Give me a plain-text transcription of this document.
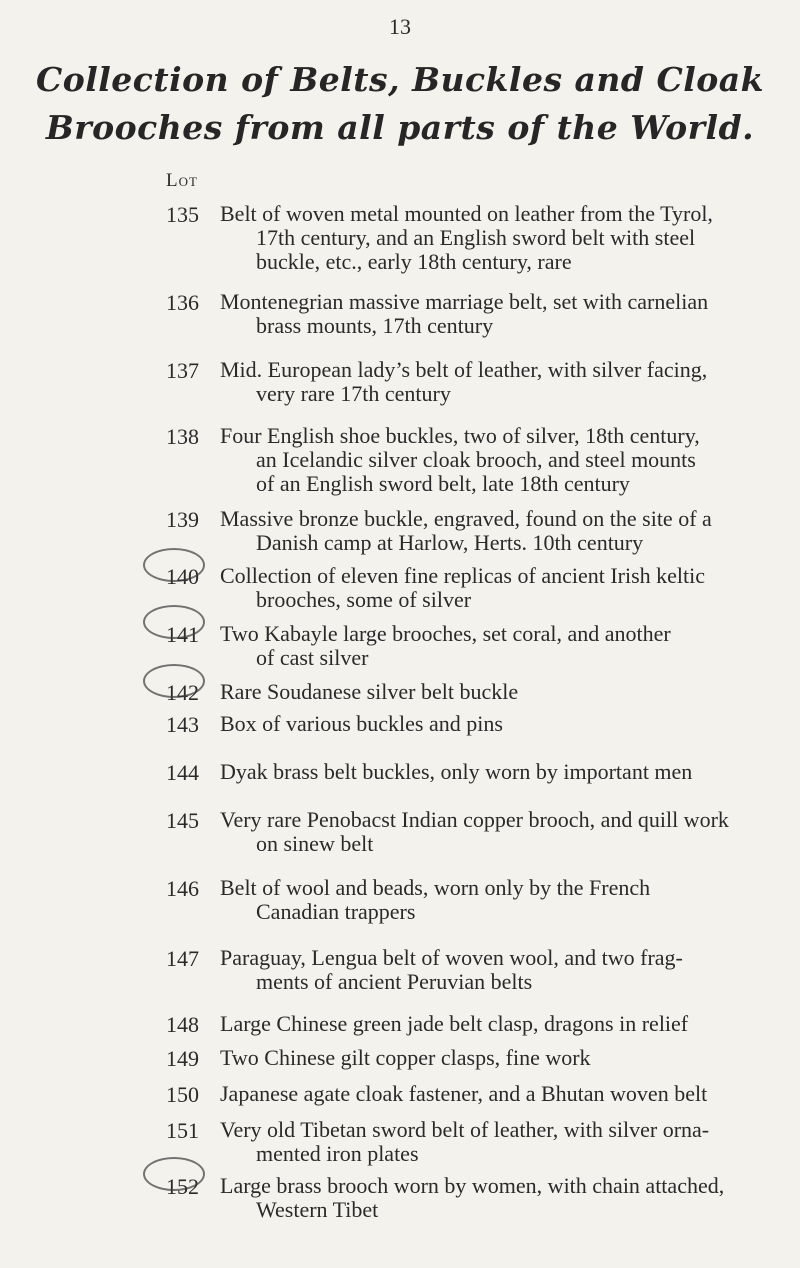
13
Collection of Belts, Buckles and Cloak
Brooches from all parts of the World.
Lot
135 Belt of woven metal mounted on leather from the Tyrol,
17th century, and an English sword belt with steel
buckle, etc., early 18th century, rare
136 Montenegrian massive marriage belt, set with carnelian
brass mounts, 17th century
137 Mid. European lady’s belt of leather, with silver facing,
very rare 17th century
138 Four English shoe buckles, two of silver, 18th century,
an Icelandic silver cloak brooch, and steel mounts
of an English sword belt, late 18th century
139 Massive bronze buckle, engraved, found on the site of a
Danish camp at Harlow, Herts. 10th century
140 Collection of eleven fine replicas of ancient Irish keltic
brooches, some of silver
141 Two Kabayle large brooches, set coral, and another
of cast silver
142 Rare Soudanese silver belt buckle
143 Box of various buckles and pins
144 Dyak brass belt buckles, only worn by important men
145 Very rare Penobacst Indian copper brooch, and quill work
on sinew belt
146 Belt of wool and beads, worn only by the French
Canadian trappers
147 Paraguay, Lengua belt of woven wool, and two frag-
ments of ancient Peruvian belts
148 Large Chinese green jade belt clasp, dragons in relief
149 Two Chinese gilt copper clasps, fine work
150 Japanese agate cloak fastener, and a Bhutan woven belt
151 Very old Tibetan sword belt of leather, with silver orna-
mented iron plates
152 Large brass brooch worn by women, with chain attached,
Western Tibet
